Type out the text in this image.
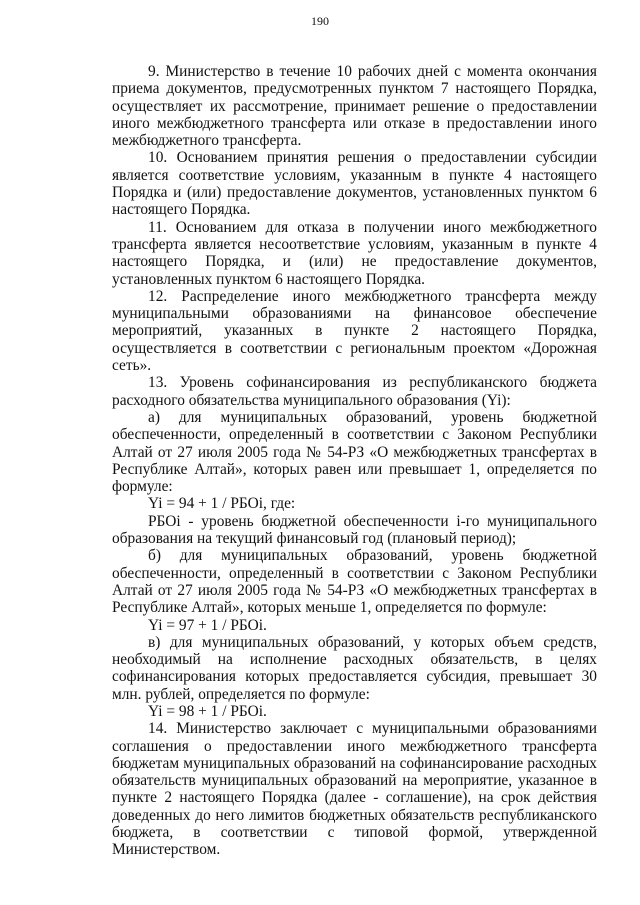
190

9. Министерство в течение 10 рабочих дней с момента окончания приема документов, предусмотренных пунктом 7 настоящего Порядка, осуществляет их рассмотрение, принимает решение о предоставлении иного межбюджетного трансферта или отказе в предоставлении иного межбюджетного трансферта.

10. Основанием принятия решения о предоставлении субсидии является соответствие условиям, указанным в пункте 4 настоящего Порядка и (или) предоставление документов, установленных пунктом 6 настоящего Порядка.

11. Основанием для отказа в получении иного межбюджетного трансферта является несоответствие условиям, указанным в пункте 4 настоящего Порядка, и (или) не предоставление документов, установленных пунктом 6 настоящего Порядка.

12. Распределение иного межбюджетного трансферта между муниципальными образованиями на финансовое обеспечение мероприятий, указанных в пункте 2 настоящего Порядка, осуществляется в соответствии с региональным проектом «Дорожная сеть».

13. Уровень софинансирования из республиканского бюджета расходного обязательства муниципального образования (Yi):

а) для муниципальных образований, уровень бюджетной обеспеченности, определенный в соответствии с Законом Республики Алтай от 27 июля 2005 года № 54-РЗ «О межбюджетных трансфертах в Республике Алтай», которых равен или превышает 1, определяется по формуле:

Yi = 94 + 1 / РБОi, где:

РБОi - уровень бюджетной обеспеченности i-го муниципального образования на текущий финансовый год (плановый период);

б) для муниципальных образований, уровень бюджетной обеспеченности, определенный в соответствии с Законом Республики Алтай от 27 июля 2005 года № 54-РЗ «О межбюджетных трансфертах в Республике Алтай», которых меньше 1, определяется по формуле:

Yi = 97 + 1 / РБОi.

в) для муниципальных образований, у которых объем средств, необходимый на исполнение расходных обязательств, в целях софинансирования которых предоставляется субсидия, превышает 30 млн. рублей, определяется по формуле:

Yi = 98 + 1 / РБОi.

14. Министерство заключает с муниципальными образованиями соглашения о предоставлении иного межбюджетного трансферта бюджетам муниципальных образований на софинансирование расходных обязательств муниципальных образований на мероприятие, указанное в пункте 2 настоящего Порядка (далее - соглашение), на срок действия доведенных до него лимитов бюджетных обязательств республиканского бюджета, в соответствии с типовой формой, утвержденной Министерством.
